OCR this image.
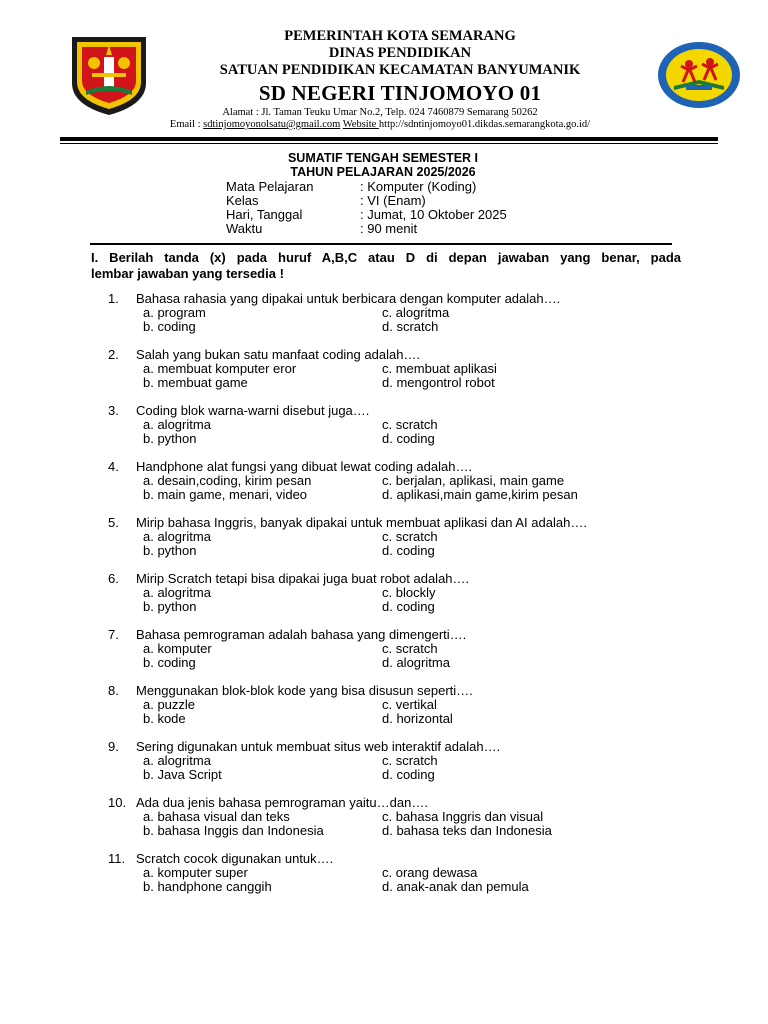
PEMERINTAH KOTA SEMARANG
DINAS PENDIDIKAN
SATUAN PENDIDIKAN KECAMATAN BANYUMANIK
SD NEGERI TINJOMOYO 01
Alamat : Jl. Taman Teuku Umar No.2, Telp. 024 7460879 Semarang 50262
Email : sdtinjomoyonolsatu@gmail.com Website http://sdntinjomoyo01.dikdas.semarangkota.go.id/
SUMATIF TENGAH SEMESTER I
TAHUN PELAJARAN 2025/2026
Mata Pelajaran	: Komputer (Koding)
Kelas	: VI (Enam)
Hari, Tanggal	: Jumat, 10 Oktober 2025
Waktu	: 90 menit
I. Berilah tanda (x) pada huruf A,B,C atau D di depan jawaban yang benar, pada
lembar jawaban yang tersedia !
1.	Bahasa rahasia yang dipakai untuk berbicara dengan komputer adalah….
a. program	c. alogritma
b. coding	d. scratch
2.	Salah yang bukan satu manfaat coding adalah….
a. membuat komputer eror	c. membuat aplikasi
b. membuat game	d. mengontrol robot
3.	Coding blok warna-warni disebut juga….
a. alogritma	c. scratch
b. python	d. coding
4.	Handphone alat fungsi yang dibuat lewat coding adalah….
a. desain,coding, kirim pesan	c. berjalan, aplikasi, main game
b. main game, menari, video	d. aplikasi,main game,kirim pesan
5.	Mirip bahasa Inggris, banyak dipakai untuk membuat aplikasi dan AI adalah….
a. alogritma	c. scratch
b. python	d. coding
6.	Mirip Scratch tetapi bisa dipakai juga buat robot adalah….
a. alogritma	c. blockly
b. python	d. coding
7.	Bahasa pemrograman adalah bahasa yang dimengerti….
a. komputer	c. scratch
b. coding	d. alogritma
8.	Menggunakan blok-blok kode yang bisa disusun seperti….
a. puzzle	c. vertikal
b. kode	d. horizontal
9.	Sering digunakan untuk membuat situs web interaktif adalah….
a. alogritma	c. scratch
b. Java Script	d. coding
10. Ada dua jenis bahasa pemrograman yaitu…dan….
a. bahasa visual dan teks	c. bahasa Inggris dan visual
b. bahasa Inggis dan Indonesia	d. bahasa teks dan Indonesia
11. Scratch cocok digunakan untuk….
a. komputer super	c. orang dewasa
b. handphone canggih	d. anak-anak dan pemula
